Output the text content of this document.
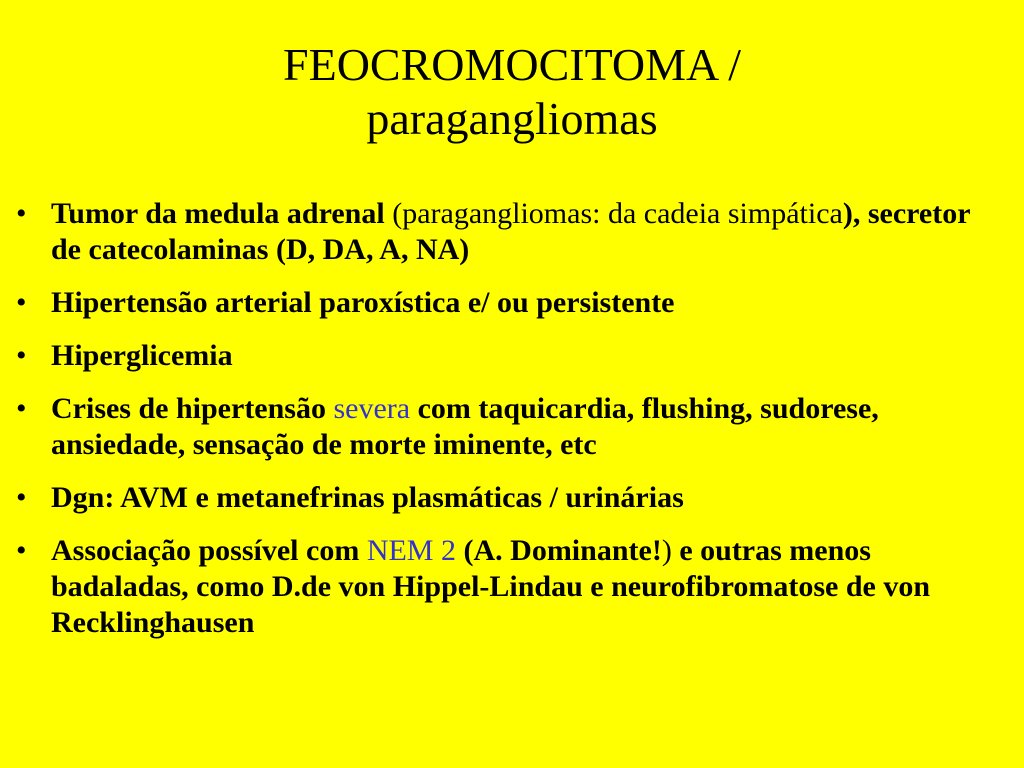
FEOCROMOCITOMA /
paragangliomas
• Tumor da medula adrenal (paragangliomas: da cadeia simpática), secretor de catecolaminas (D, DA, A, NA)
• Hipertensão arterial paroxística e/ ou persistente
• Hiperglicemia
• Crises de hipertensão severa com taquicardia, flushing, sudorese, ansiedade, sensação de morte iminente, etc
• Dgn: AVM e metanefrinas plasmáticas / urinárias
• Associação possível com NEM 2 (A. Dominante!) e outras menos badaladas, como D.de von Hippel-Lindau e neurofibromatose de von Recklinghausen
